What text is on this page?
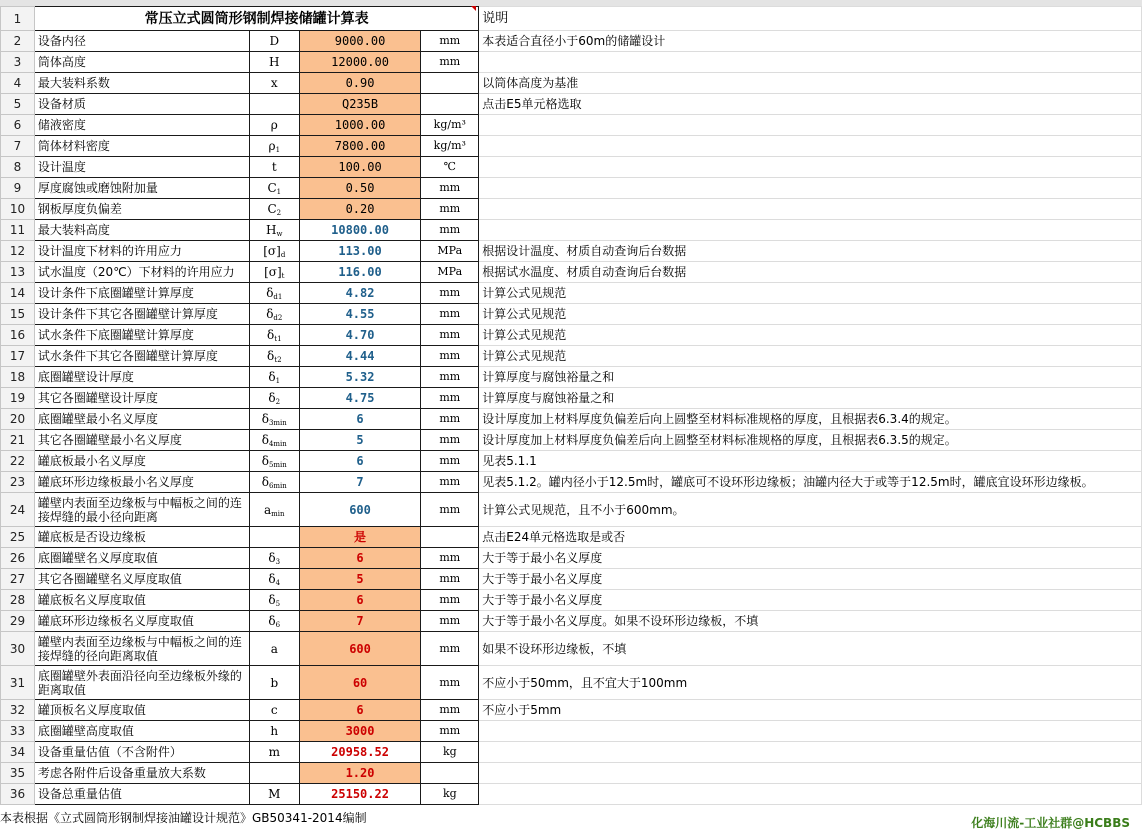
1	常压立式圆筒形钢制焊接储罐计算表				说明
2	设备内径	D	9000.00	mm	本表适合直径小于60m的储罐设计
3	筒体高度	H	12000.00	mm	
4	最大装料系数	x	0.90		以筒体高度为基准
5	设备材质		Q235B		点击E5单元格选取
6	储液密度	ρ	1000.00	kg/m³	
7	筒体材料密度	$\rho_1$	7800.00	kg/m³	
8	设计温度	t	100.00	℃	
9	厚度腐蚀或磨蚀附加量	$C_1$	0.50	mm	
10	钢板厚度负偏差	$C_2$	0.20	mm	
11	最大装料高度	$H_w$	10800.00	mm	
12	设计温度下材料的许用应力	$[\sigma]_d$	113.00	MPa	根据设计温度、材质自动查询后台数据
13	试水温度（20℃）下材料的许用应力	$[\sigma]_t$	116.00	MPa	根据试水温度、材质自动查询后台数据
14	设计条件下底圈罐壁计算厚度	$\delta_{d1}$	4.82	mm	计算公式见规范
15	设计条件下其它各圈罐壁计算厚度	$\delta_{d2}$	4.55	mm	计算公式见规范
16	试水条件下底圈罐壁计算厚度	$\delta_{t1}$	4.70	mm	计算公式见规范
17	试水条件下其它各圈罐壁计算厚度	$\delta_{t2}$	4.44	mm	计算公式见规范
18	底圈罐壁设计厚度	$\delta_1$	5.32	mm	计算厚度与腐蚀裕量之和
19	其它各圈罐壁设计厚度	$\delta_2$	4.75	mm	计算厚度与腐蚀裕量之和
20	底圈罐壁最小名义厚度	$\delta_{3min}$	6	mm	设计厚度加上材料厚度负偏差后向上圆整至材料标准规格的厚度，且根据表6.3.4的规定。
21	其它各圈罐壁最小名义厚度	$\delta_{4min}$	5	mm	设计厚度加上材料厚度负偏差后向上圆整至材料标准规格的厚度，且根据表6.3.5的规定。
22	罐底板最小名义厚度	$\delta_{5min}$	6	mm	见表5.1.1
23	罐底环形边缘板最小名义厚度	$\delta_{6min}$	7	mm	见表5.1.2。罐内径小于12.5m时，罐底可不设环形边缘板；油罐内径大于或等于12.5m时，罐底宜设环形边缘板。
24	罐壁内表面至边缘板与中幅板之间的连接焊缝的最小径向距离	$a_{min}$	600	mm	计算公式见规范，且不小于600mm。
25	罐底板是否设边缘板		是		点击E24单元格选取是或否
26	底圈罐壁名义厚度取值	$\delta_3$	6	mm	大于等于最小名义厚度
27	其它各圈罐壁名义厚度取值	$\delta_4$	5	mm	大于等于最小名义厚度
28	罐底板名义厚度取值	$\delta_5$	6	mm	大于等于最小名义厚度
29	罐底环形边缘板名义厚度取值	$\delta_6$	7	mm	大于等于最小名义厚度。如果不设环形边缘板，不填
30	罐壁内表面至边缘板与中幅板之间的连接焊缝的径向距离取值	a	600	mm	如果不设环形边缘板，不填
31	底圈罐壁外表面沿径向至边缘板外缘的距离取值	b	60	mm	不应小于50mm，且不宜大于100mm
32	罐顶板名义厚度取值	c	6	mm	不应小于5mm
33	底圈罐壁高度取值	h	3000	mm	
34	设备重量估值（不含附件）	m	20958.52	kg	
35	考虑各附件后设备重量放大系数		1.20		
36	设备总重量估值	M	25150.22	kg	
本表根据《立式圆筒形钢制焊接油罐设计规范》GB50341-2014编制	化海川流-工业社群@HCBBS
